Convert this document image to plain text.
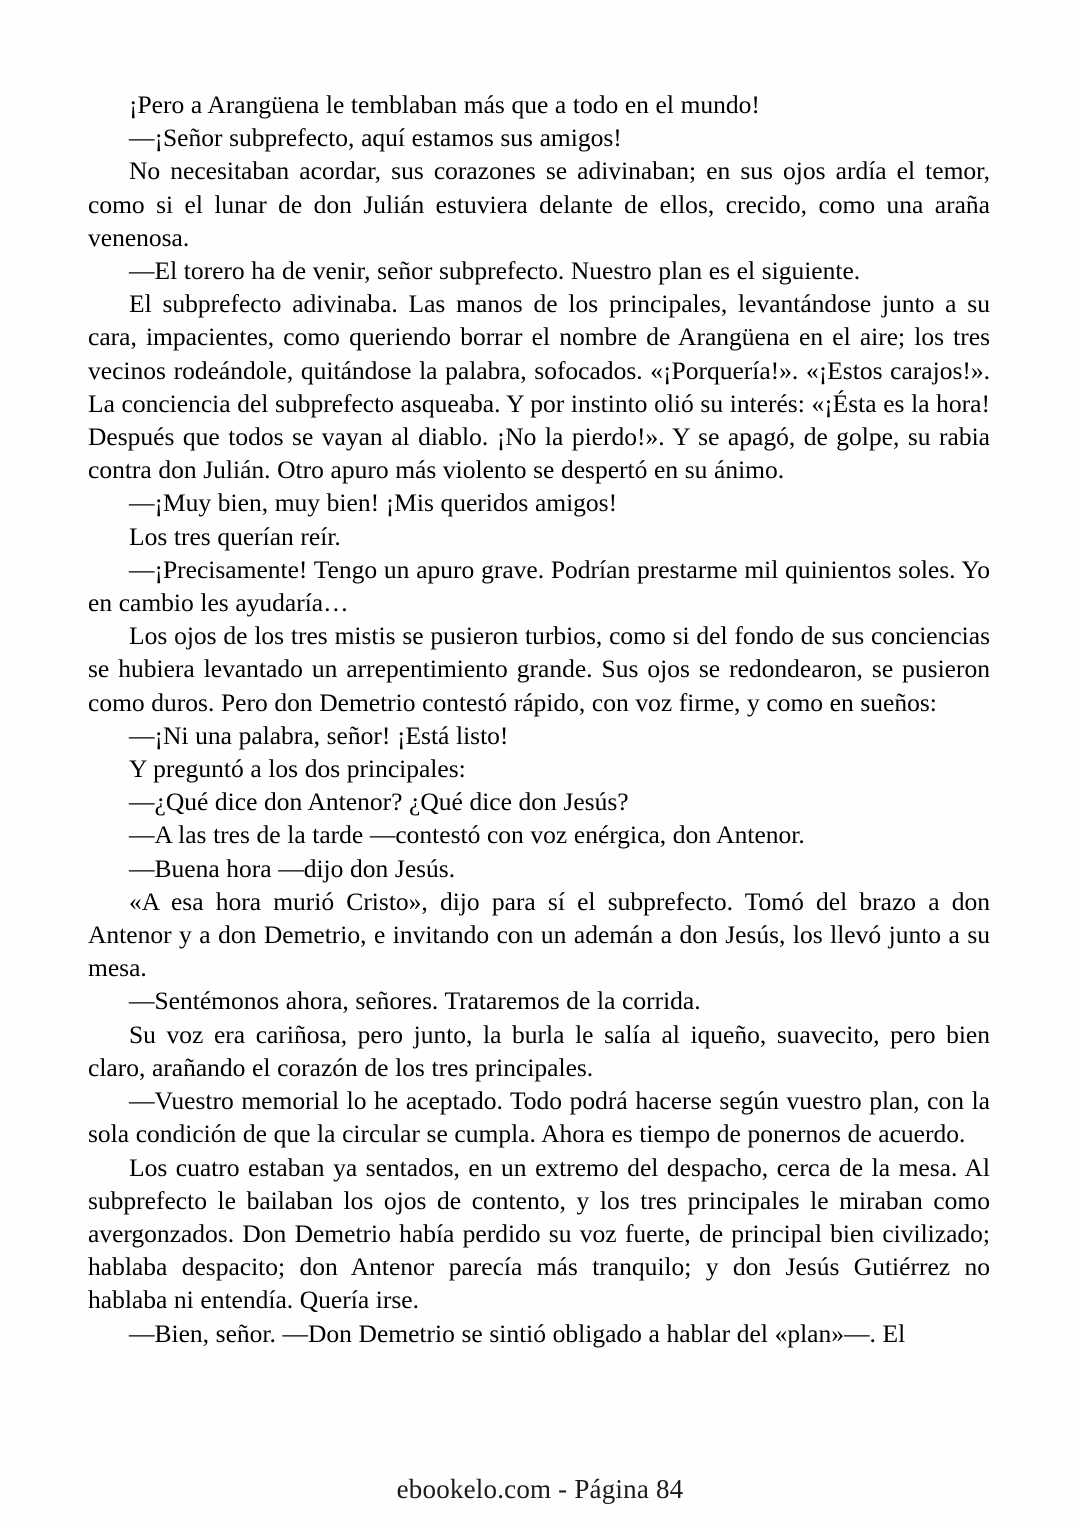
¡Pero a Arangüena le temblaban más que a todo en el mundo!

—¡Señor subprefecto, aquí estamos sus amigos!

No necesitaban acordar, sus corazones se adivinaban; en sus ojos ardía el temor, como si el lunar de don Julián estuviera delante de ellos, crecido, como una araña venenosa.

—El torero ha de venir, señor subprefecto. Nuestro plan es el siguiente.

El subprefecto adivinaba. Las manos de los principales, levantándose junto a su cara, impacientes, como queriendo borrar el nombre de Arangüena en el aire; los tres vecinos rodeándole, quitándose la palabra, sofocados. «¡Porquería!». «¡Estos carajos!». La conciencia del subprefecto asqueaba. Y por instinto olió su interés: «¡Ésta es la hora! Después que todos se vayan al diablo. ¡No la pierdo!». Y se apagó, de golpe, su rabia contra don Julián. Otro apuro más violento se despertó en su ánimo.

—¡Muy bien, muy bien! ¡Mis queridos amigos!

Los tres querían reír.

—¡Precisamente! Tengo un apuro grave. Podrían prestarme mil quinientos soles. Yo en cambio les ayudaría…

Los ojos de los tres mistis se pusieron turbios, como si del fondo de sus conciencias se hubiera levantado un arrepentimiento grande. Sus ojos se redondearon, se pusieron como duros. Pero don Demetrio contestó rápido, con voz firme, y como en sueños:

—¡Ni una palabra, señor! ¡Está listo!

Y preguntó a los dos principales:

—¿Qué dice don Antenor? ¿Qué dice don Jesús?

—A las tres de la tarde —contestó con voz enérgica, don Antenor.

—Buena hora —dijo don Jesús.

«A esa hora murió Cristo», dijo para sí el subprefecto. Tomó del brazo a don Antenor y a don Demetrio, e invitando con un ademán a don Jesús, los llevó junto a su mesa.

—Sentémonos ahora, señores. Trataremos de la corrida.

Su voz era cariñosa, pero junto, la burla le salía al iqueño, suavecito, pero bien claro, arañando el corazón de los tres principales.

—Vuestro memorial lo he aceptado. Todo podrá hacerse según vuestro plan, con la sola condición de que la circular se cumpla. Ahora es tiempo de ponernos de acuerdo.

Los cuatro estaban ya sentados, en un extremo del despacho, cerca de la mesa. Al subprefecto le bailaban los ojos de contento, y los tres principales le miraban como avergonzados. Don Demetrio había perdido su voz fuerte, de principal bien civilizado; hablaba despacito; don Antenor parecía más tranquilo; y don Jesús Gutiérrez no hablaba ni entendía. Quería irse.

—Bien, señor. —Don Demetrio se sintió obligado a hablar del «plan»—. El

ebookelo.com - Página 84
